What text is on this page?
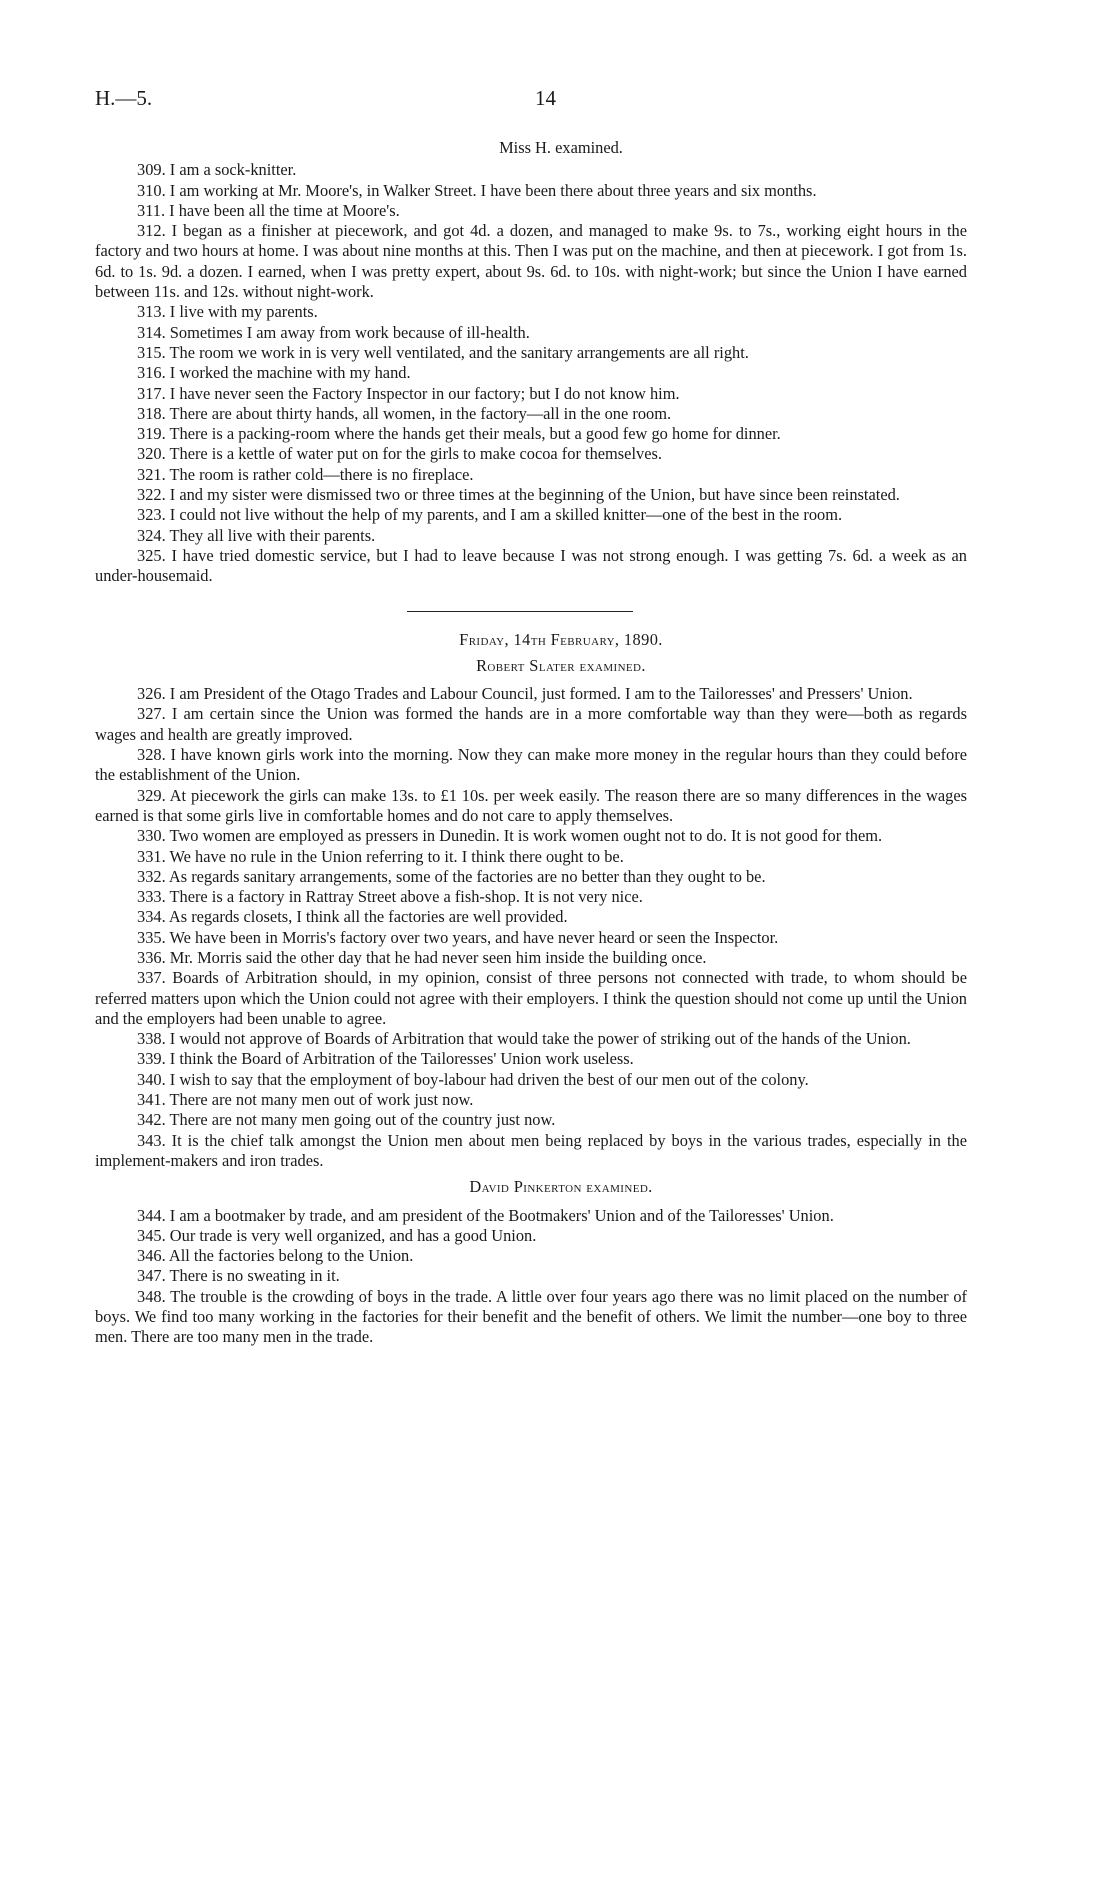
H.—5.	14

Miss H. examined.

309. I am a sock-knitter.

310. I am working at Mr. Moore's, in Walker Street. I have been there about three years and six months.

311. I have been all the time at Moore's.

312. I began as a finisher at piecework, and got 4d. a dozen, and managed to make 9s. to 7s., working eight hours in the factory and two hours at home. I was about nine months at this. Then I was put on the machine, and then at piecework. I got from 1s. 6d. to 1s. 9d. a dozen. I earned, when I was pretty expert, about 9s. 6d. to 10s. with night-work; but since the Union I have earned between 11s. and 12s. without night-work.

313. I live with my parents.

314. Sometimes I am away from work because of ill-health.

315. The room we work in is very well ventilated, and the sanitary arrangements are all right.

316. I worked the machine with my hand.

317. I have never seen the Factory Inspector in our factory; but I do not know him.

318. There are about thirty hands, all women, in the factory—all in the one room.

319. There is a packing-room where the hands get their meals, but a good few go home for dinner.

320. There is a kettle of water put on for the girls to make cocoa for themselves.

321. The room is rather cold—there is no fireplace.

322. I and my sister were dismissed two or three times at the beginning of the Union, but have since been reinstated.

323. I could not live without the help of my parents, and I am a skilled knitter—one of the best in the room.

324. They all live with their parents.

325. I have tried domestic service, but I had to leave because I was not strong enough. I was getting 7s. 6d. a week as an under-housemaid.

Friday, 14th February, 1890.

Robert Slater examined.

326. I am President of the Otago Trades and Labour Council, just formed. I am to the Tailoresses' and Pressers' Union.

327. I am certain since the Union was formed the hands are in a more comfortable way than they were—both as regards wages and health are greatly improved.

328. I have known girls work into the morning. Now they can make more money in the regular hours than they could before the establishment of the Union.

329. At piecework the girls can make 13s. to £1 10s. per week easily. The reason there are so many differences in the wages earned is that some girls live in comfortable homes and do not care to apply themselves.

330. Two women are employed as pressers in Dunedin. It is work women ought not to do. It is not good for them.

331. We have no rule in the Union referring to it. I think there ought to be.

332. As regards sanitary arrangements, some of the factories are no better than they ought to be.

333. There is a factory in Rattray Street above a fish-shop. It is not very nice.

334. As regards closets, I think all the factories are well provided.

335. We have been in Morris's factory over two years, and have never heard or seen the Inspector.

336. Mr. Morris said the other day that he had never seen him inside the building once.

337. Boards of Arbitration should, in my opinion, consist of three persons not connected with trade, to whom should be referred matters upon which the Union could not agree with their employers. I think the question should not come up until the Union and the employers had been unable to agree.

338. I would not approve of Boards of Arbitration that would take the power of striking out of the hands of the Union.

339. I think the Board of Arbitration of the Tailoresses' Union work useless.

340. I wish to say that the employment of boy-labour had driven the best of our men out of the colony.

341. There are not many men out of work just now.

342. There are not many men going out of the country just now.

343. It is the chief talk amongst the Union men about men being replaced by boys in the various trades, especially in the implement-makers and iron trades.

David Pinkerton examined.

344. I am a bootmaker by trade, and am president of the Bootmakers' Union and of the Tailoresses' Union.

345. Our trade is very well organized, and has a good Union.

346. All the factories belong to the Union.

347. There is no sweating in it.

348. The trouble is the crowding of boys in the trade. A little over four years ago there was no limit placed on the number of boys. We find too many working in the factories for their benefit and the benefit of others. We limit the number—one boy to three men. There are too many men in the trade.
